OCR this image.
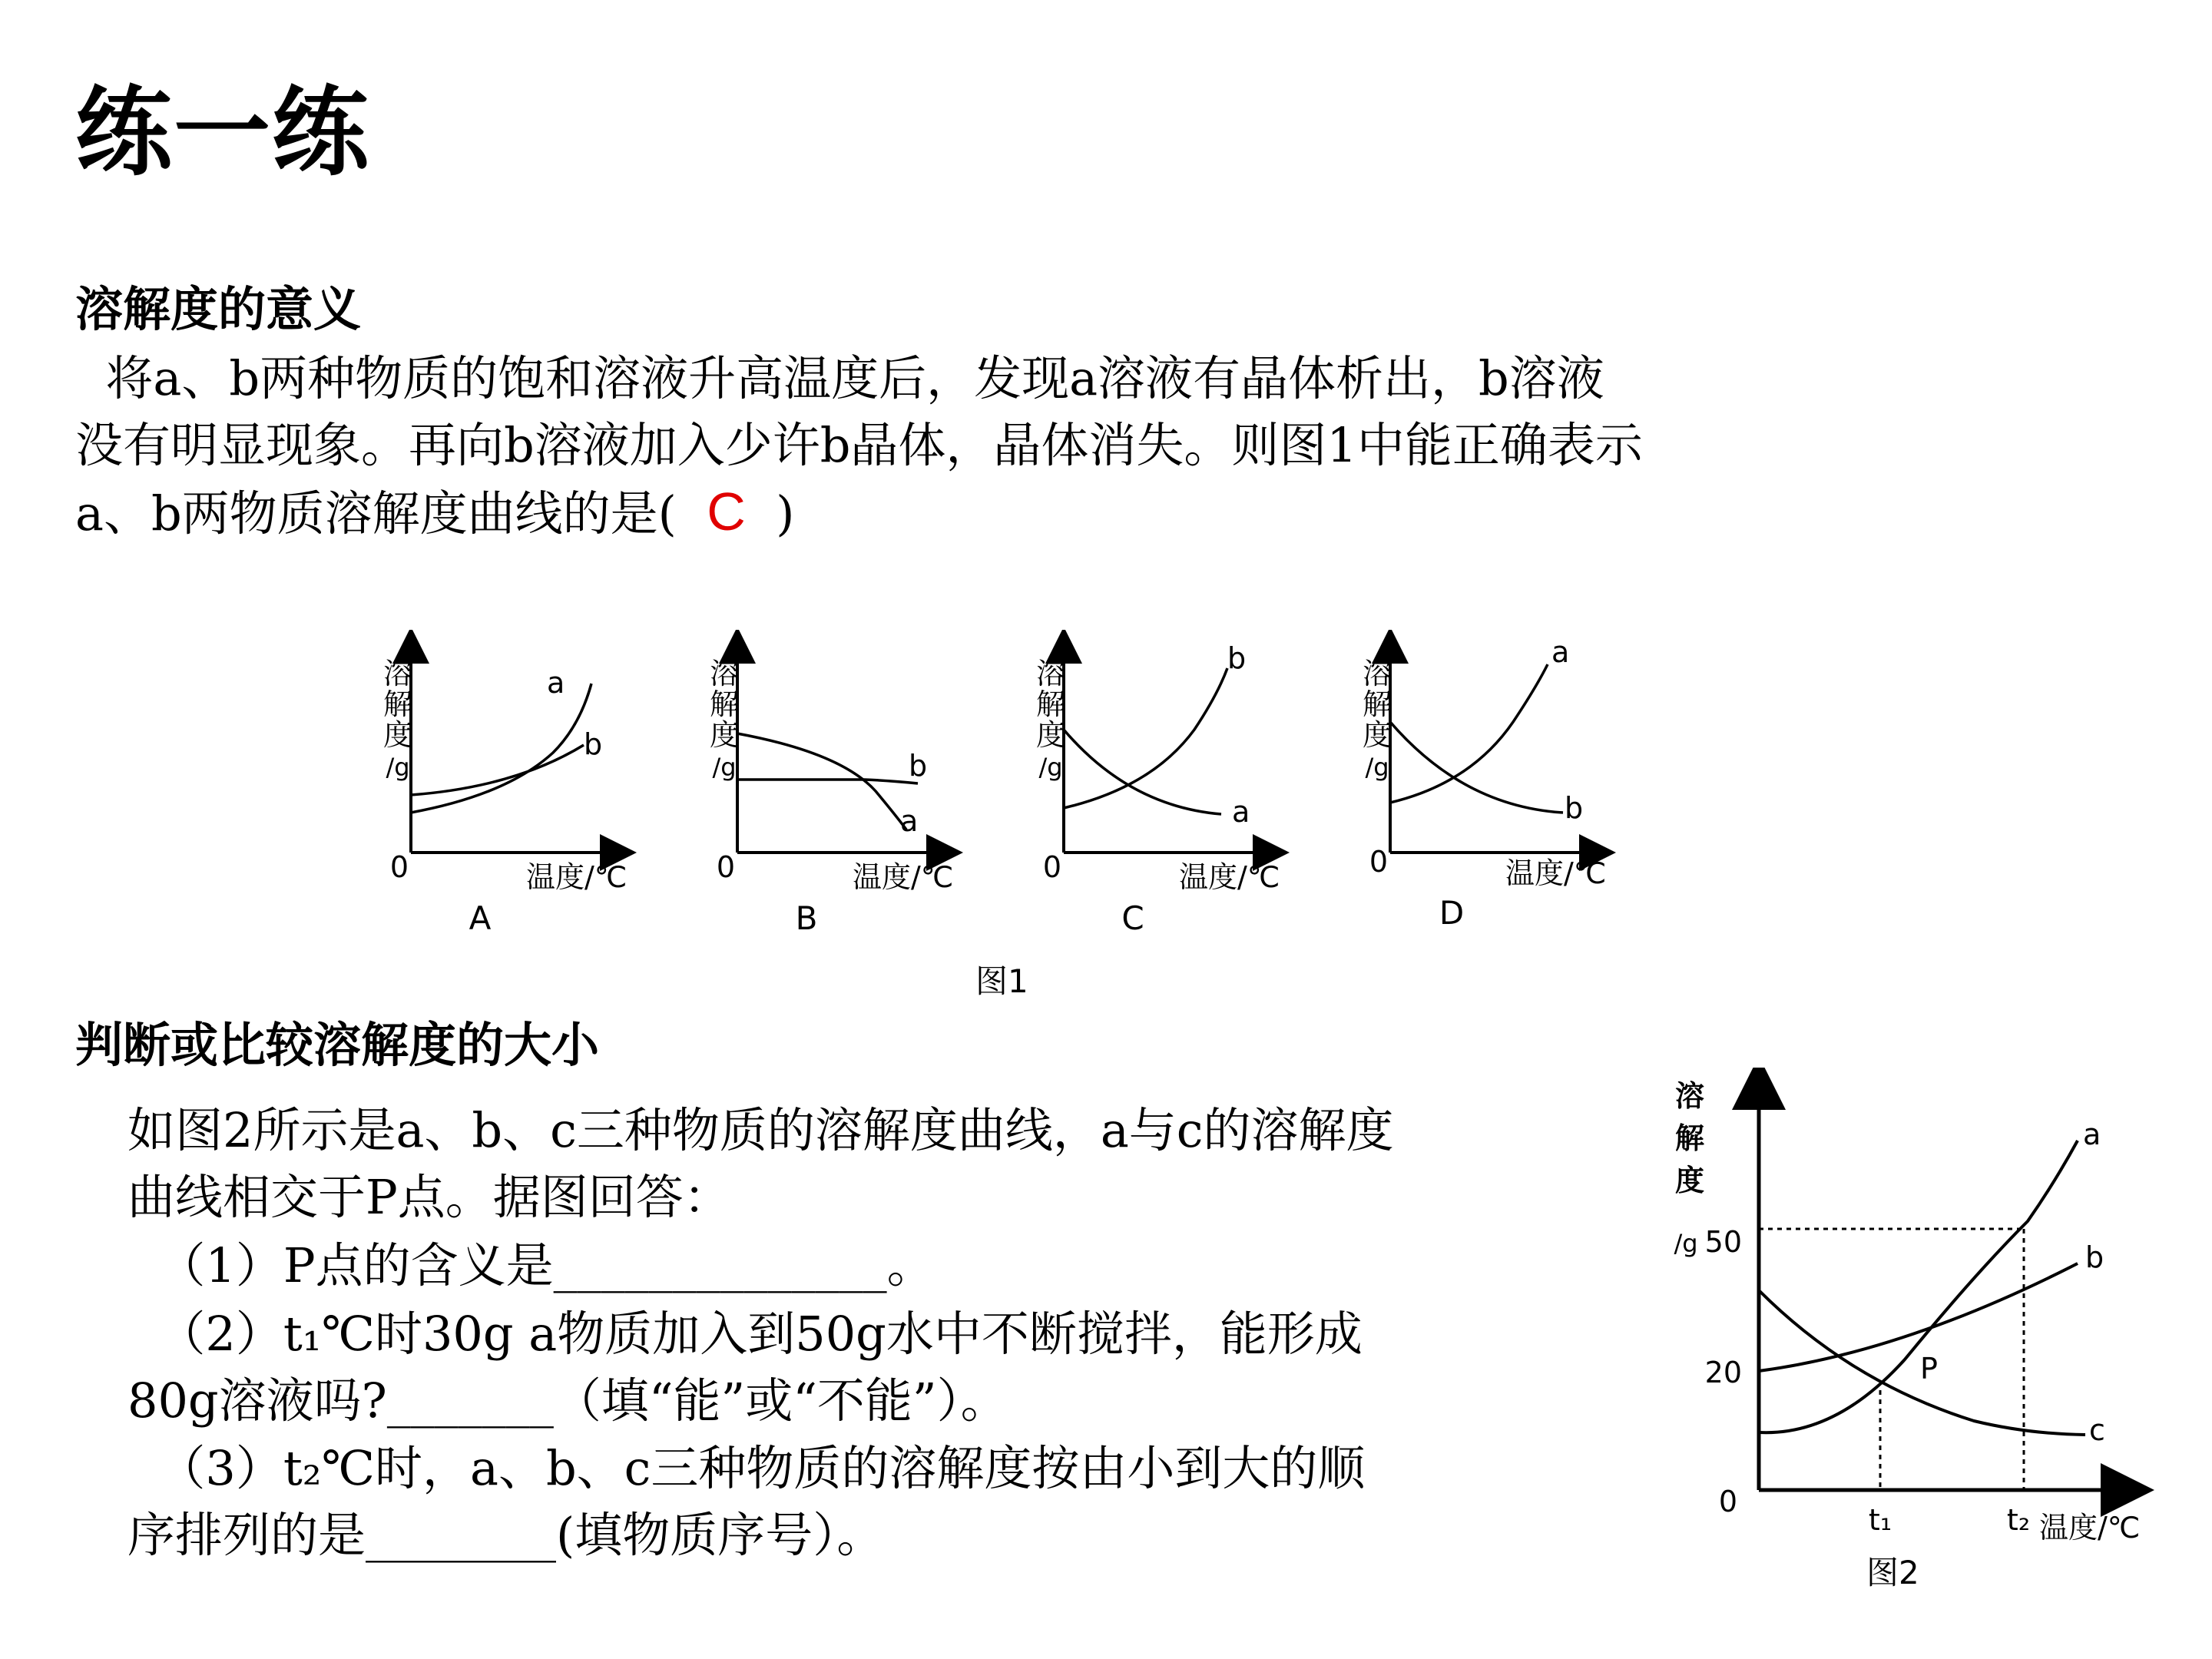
练一练
溶解度的意义
将a、b两种物质的饱和溶液升高温度后，发现a溶液有晶体析出，b溶液
没有明显现象。再向b溶液加入少许b晶体，晶体消失。则图1中能正确表示
a、b两物质溶解度曲线的是( C )
溶
解
度
/g
0	温度/℃
A
a
b
溶
解
度
/g
0	温度/℃
B
b
a
溶
解
度
/g
0	温度/℃
C
b
a
溶
解
度
/g
0	温度/℃
D
a
b
图1
判断或比较溶解度的大小
如图2所示是a、b、c三种物质的溶解度曲线，a与c的溶解度
曲线相交于P点。据图回答：
（1）P点的含义是______________。
（2）t₁℃时30g a物质加入到50g水中不断搅拌，能形成
80g溶液吗?_______（填“能”或“不能”）。
（3）t₂℃时，a、b、c三种物质的溶解度按由小到大的顺
序排列的是________(填物质序号）。
溶
解
度
/g 50
20
0
a
b
c
P
t₁	t₂ 温度/℃
图2
